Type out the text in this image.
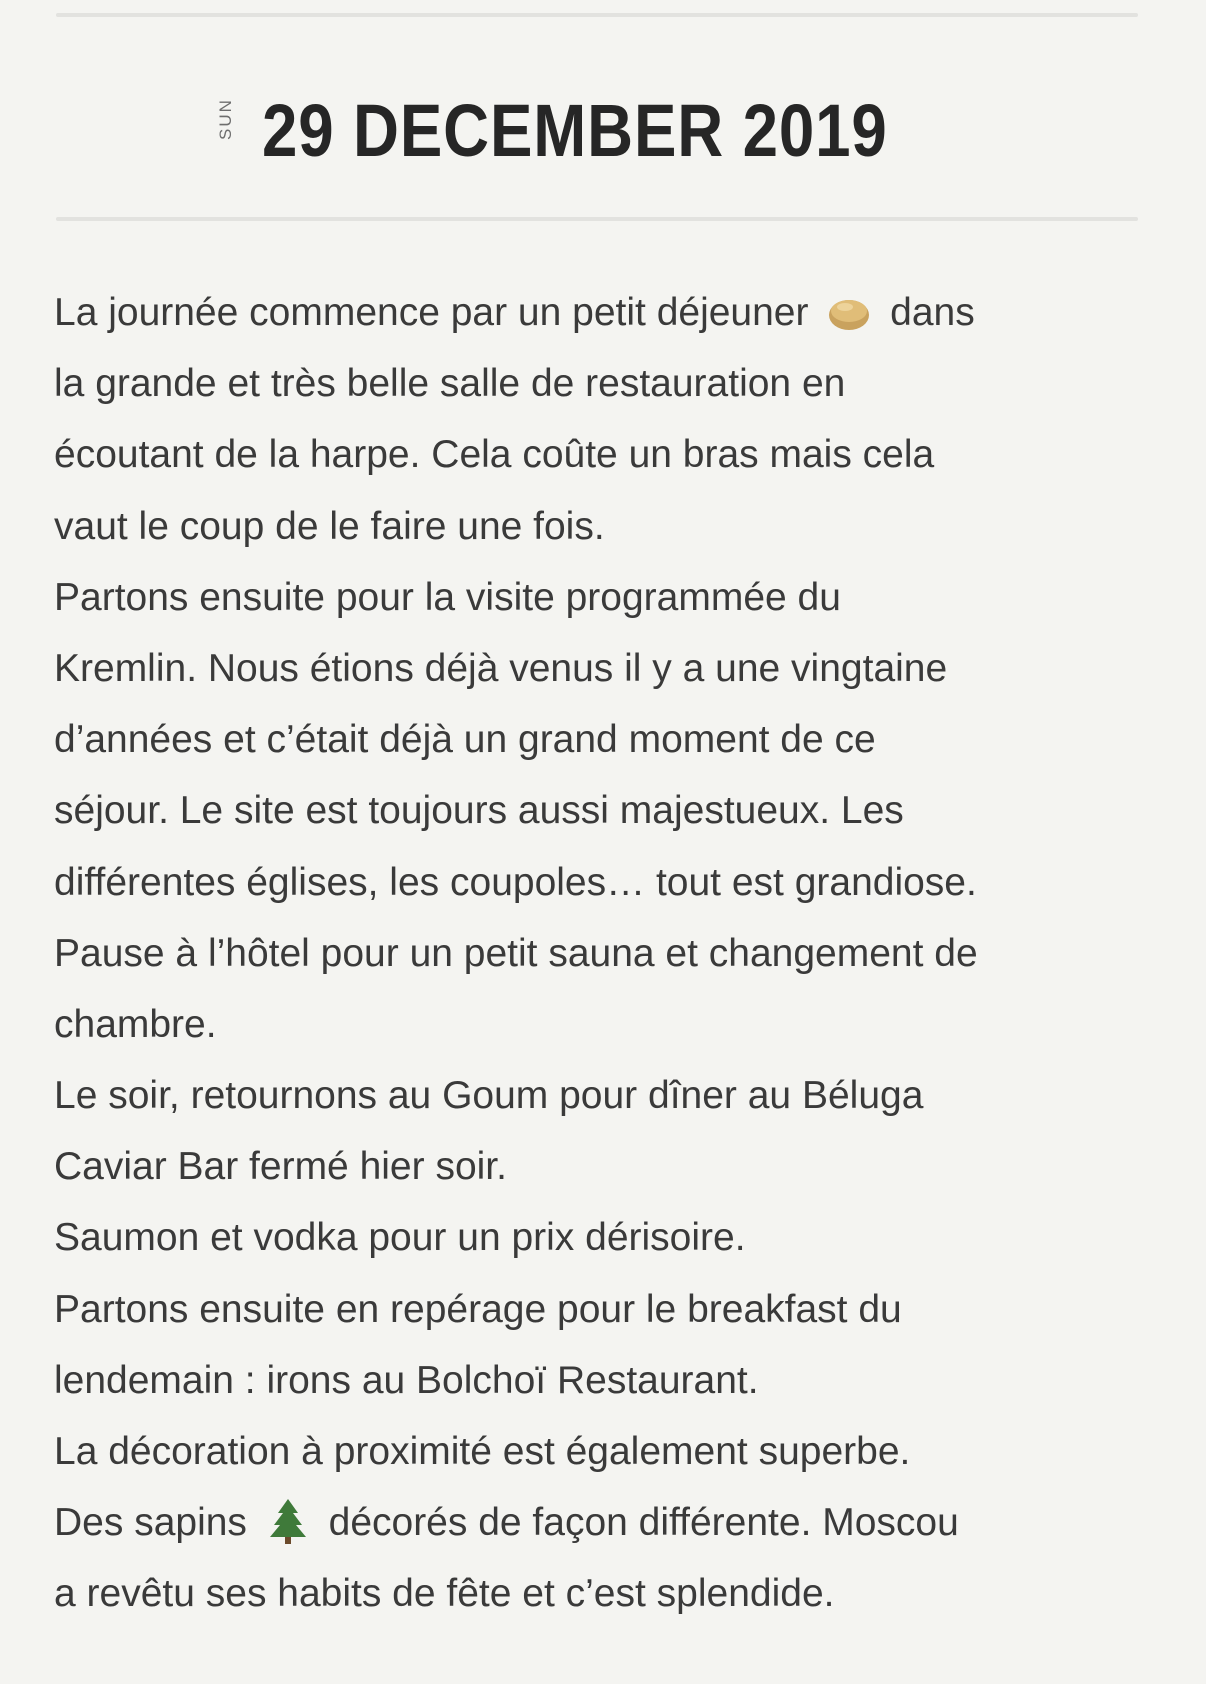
SUN 29 DECEMBER 2019
La journée commence par un petit déjeuner dans
la grande et très belle salle de restauration en
écoutant de la harpe. Cela coûte un bras mais cela
vaut le coup de le faire une fois.
Partons ensuite pour la visite programmée du
Kremlin. Nous étions déjà venus il y a une vingtaine
d’années et c’était déjà un grand moment de ce
séjour. Le site est toujours aussi majestueux. Les
différentes églises, les coupoles… tout est grandiose.
Pause à l’hôtel pour un petit sauna et changement de
chambre.
Le soir, retournons au Goum pour dîner au Béluga
Caviar Bar fermé hier soir.
Saumon et vodka pour un prix dérisoire.
Partons ensuite en repérage pour le breakfast du
lendemain : irons au Bolchoï Restaurant.
La décoration à proximité est également superbe.
Des sapins décorés de façon différente. Moscou
a revêtu ses habits de fête et c’est splendide.
